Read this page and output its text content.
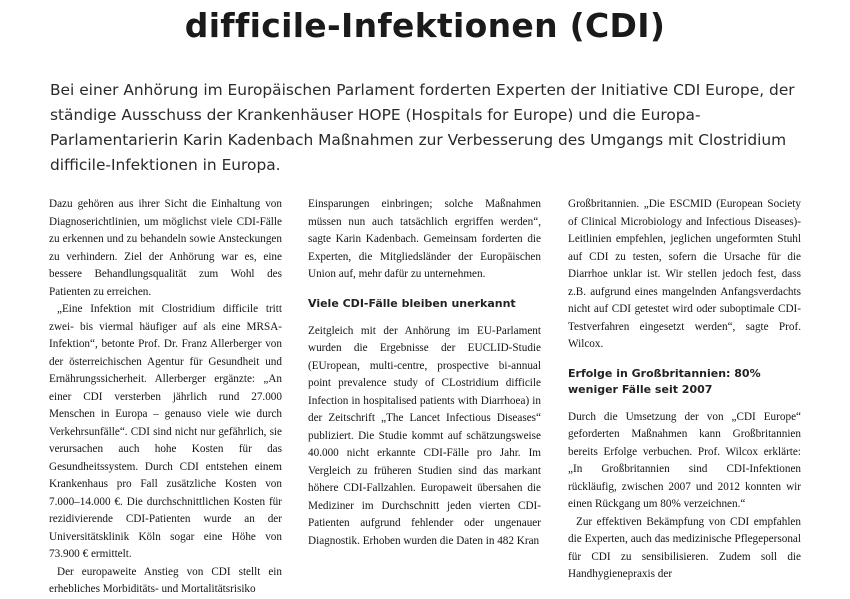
difficile-Infektionen (CDI)

Bei einer Anhörung im Europäischen Parlament forderten Experten der Initiative CDI Europe, der ständige Ausschuss der Krankenhäuser HOPE (Hospitals for Europe) und die Europa-Parlamentarierin Karin Kadenbach Maßnahmen zur Verbesserung des Umgangs mit Clostridium difficile-Infektionen in Europa.

Dazu gehören aus ihrer Sicht die Einhaltung von Diagnoserichtlinien, um möglichst viele CDI-Fälle zu erkennen und zu behandeln sowie Ansteckungen zu verhindern. Ziel der Anhörung war es, eine bessere Behandlungsqualität zum Wohl des Patienten zu erreichen.

„Eine Infektion mit Clostridium difficile tritt zwei- bis viermal häufiger auf als eine MRSA-Infektion“, betonte Prof. Dr. Franz Allerberger von der österreichischen Agentur für Gesundheit und Ernährungssicherheit. Allerberger ergänzte: „An einer CDI versterben jährlich rund 27.000 Menschen in Europa – genauso viele wie durch Verkehrsunfälle“. CDI sind nicht nur gefährlich, sie verursachen auch hohe Kosten für das Gesundheitssystem. Durch CDI entstehen einem Krankenhaus pro Fall zusätzliche Kosten von 7.000–14.000 €. Die durchschnittlichen Kosten für rezidivierende CDI-Patienten wurde an der Universitätsklinik Köln sogar eine Höhe von 73.900 € ermittelt.

Der europaweite Anstieg von CDI stellt ein erhebliches Morbiditäts- und Mortalitätsrisiko

Einsparungen einbringen; solche Maßnahmen müssen nun auch tatsächlich ergriffen werden“, sagte Karin Kadenbach. Gemeinsam forderten die Experten, die Mitgliedsländer der Europäischen Union auf, mehr dafür zu unternehmen.

Viele CDI-Fälle bleiben unerkannt

Zeitgleich mit der Anhörung im EU-Parlament wurden die Ergebnisse der EUCLID-Studie (EUropean, multi-centre, prospective bi-annual point prevalence study of CLostridium difficile Infection in hospitalised patients with Diarrhoea) in der Zeitschrift „The Lancet Infectious Diseases“ publiziert. Die Studie kommt auf schätzungsweise 40.000 nicht erkannte CDI-Fälle pro Jahr. Im Vergleich zu früheren Studien sind das markant höhere CDI-Fallzahlen. Europaweit übersahen die Mediziner im Durchschnitt jeden vierten CDI-Patienten aufgrund fehlender oder ungenauer Diagnostik. Erhoben wurden die Daten in 482 Kran

Großbritannien. „Die ESCMID (European Society of Clinical Microbiology and Infectious Diseases)-Leitlinien empfehlen, jeglichen ungeformten Stuhl auf CDI zu testen, sofern die Ursache für die Diarrhoe unklar ist. Wir stellen jedoch fest, dass z.B. aufgrund eines mangelnden Anfangsverdachts nicht auf CDI getestet wird oder suboptimale CDI-Testverfahren eingesetzt werden“, sagte Prof. Wilcox.

Erfolge in Großbritannien: 80% weniger Fälle seit 2007

Durch die Umsetzung der von „CDI Europe“ geforderten Maßnahmen kann Großbritannien bereits Erfolge verbuchen. Prof. Wilcox erklärte: „In Großbritannien sind CDI-Infektionen rückläufig, zwischen 2007 und 2012 konnten wir einen Rückgang um 80% verzeichnen.“

Zur effektiven Bekämpfung von CDI empfahlen die Experten, auch das medizinische Pflegepersonal für CDI zu sensibilisieren. Zudem soll die Handhygienepraxis der
